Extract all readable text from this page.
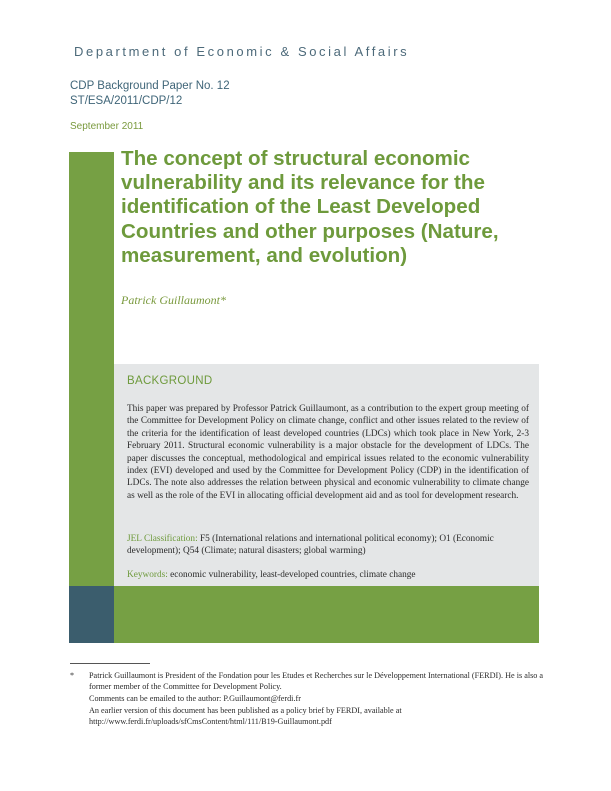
Department of Economic & Social Affairs
CDP Background Paper No. 12
ST/ESA/2011/CDP/12
September 2011
The concept of structural economic vulnerability and its relevance for the identification of the Least Developed Countries and other purposes (Nature, measurement, and evolution)
Patrick Guillaumont*
BACKGROUND
This paper was prepared by Professor Patrick Guillaumont, as a contribution to the expert group meeting of the Committee for Development Policy on climate change, conflict and other issues related to the review of the criteria for the identification of least developed countries (LDCs) which took place in New York, 2-3 February 2011. Structural economic vulnerability is a major obstacle for the development of LDCs. The paper discusses the conceptual, methodological and empirical issues related to the economic vulnerability index (EVI) developed and used by the Committee for Development Policy (CDP) in the identification of LDCs. The note also addresses the relation between physical and economic vulnerability to climate change as well as the role of the EVI in allocating official development aid and as tool for development research.
JEL Classification: F5 (International relations and international political economy); O1 (Economic development); Q54 (Climate; natural disasters; global warming)
Keywords: economic vulnerability, least-developed countries, climate change
* Patrick Guillaumont is President of the Fondation pour les Etudes et Recherches sur le Développement International (FERDI). He is also a former member of the Committee for Development Policy.
Comments can be emailed to the author: P.Guillaumont@ferdi.fr
An earlier version of this document has been published as a policy brief by FERDI, available at http://www.ferdi.fr/uploads/sfCmsContent/html/111/B19-Guillaumont.pdf
